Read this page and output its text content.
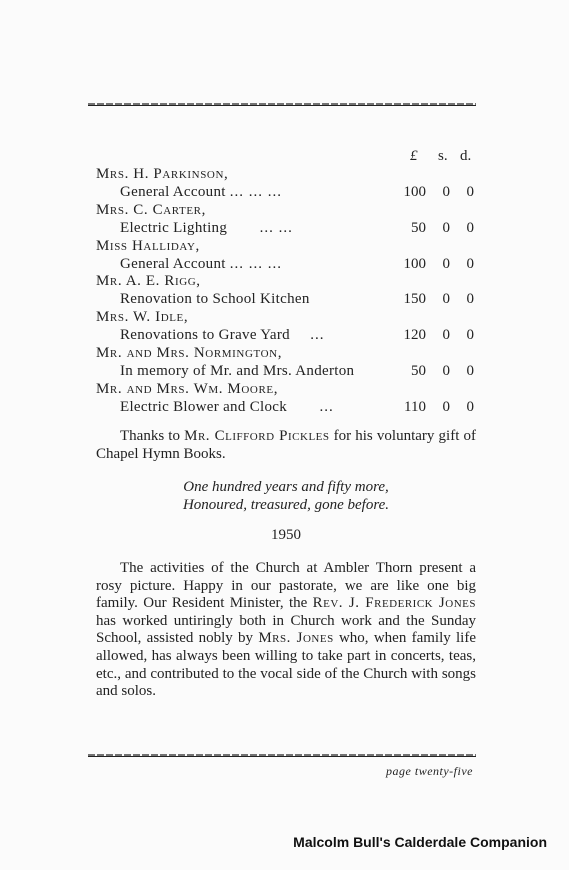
£ s. d.
Mrs. H. Parkinson,
General Account ... ... ...	100	0	0
Mrs. C. Carter,
Electric Lighting ... ...	50	0	0
Miss Halliday,
General Account ... ... ...	100	0	0
Mr. A. E. Rigg,
Renovation to School Kitchen	150	0	0
Mrs. W. Idle,
Renovations to Grave Yard ...	120	0	0
Mr. and Mrs. Normington,
In memory of Mr. and Mrs. Anderton	50	0	0
Mr. and Mrs. Wm. Moore,
Electric Blower and Clock ...	110	0	0

Thanks to Mr. Clifford Pickles for his voluntary gift of Chapel Hymn Books.

One hundred years and fifty more,
Honoured, treasured, gone before.
1950

The activities of the Church at Ambler Thorn present a rosy picture. Happy in our pastorate, we are like one big family. Our Resident Minister, the Rev. J. Frederick Jones has worked untiringly both in Church work and the Sunday School, assisted nobly by Mrs. Jones who, when family life allowed, has always been willing to take part in concerts, teas, etc., and contributed to the vocal side of the Church with songs and solos.

page twenty-five
Malcolm Bull's Calderdale Companion
